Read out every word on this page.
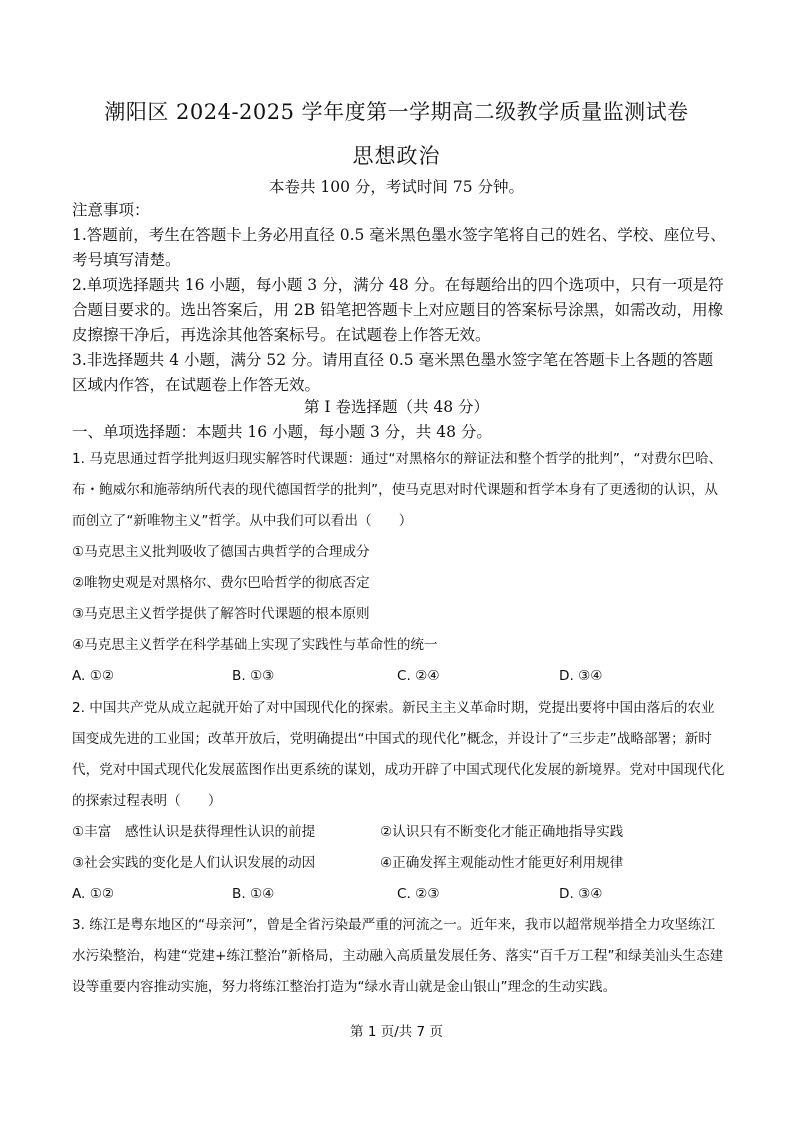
潮阳区 2024-2025 学年度第一学期高二级教学质量监测试卷
思想政治
本卷共 100 分，考试时间 75 分钟。

注意事项：

1.答题前，考生在答题卡上务必用直径 0.5 毫米黑色墨水签字笔将自己的姓名、学校、座位号、考号填写清楚。

2.单项选择题共 16 小题，每小题 3 分，满分 48 分。在每题给出的四个选项中，只有一项是符合题目要求的。选出答案后，用 2B 铅笔把答题卡上对应题目的答案标号涂黑，如需改动，用橡皮擦擦干净后，再选涂其他答案标号。在试题卷上作答无效。

3.非选择题共 4 小题，满分 52 分。请用直径 0.5 毫米黑色墨水签字笔在答题卡上各题的答题区域内作答，在试题卷上作答无效。

第 I 卷选择题（共 48 分）
一、单项选择题：本题共 16 小题，每小题 3 分，共 48 分。

1. 马克思通过哲学批判返归现实解答时代课题：通过“对黑格尔的辩证法和整个哲学的批判”，“对费尔巴哈、布・鲍威尔和施蒂纳所代表的现代德国哲学的批判”，使马克思对时代课题和哲学本身有了更透彻的认识，从而创立了“新唯物主义”哲学。从中我们可以看出（　　）

①马克思主义批判吸收了德国古典哲学的合理成分

②唯物史观是对黑格尔、费尔巴哈哲学的彻底否定

③马克思主义哲学提供了解答时代课题的根本原则

④马克思主义哲学在科学基础上实现了实践性与革命性的统一

A. ①②	B. ①③	C. ②④	D. ③④

2. 中国共产党从成立起就开始了对中国现代化的探索。新民主主义革命时期，党提出要将中国由落后的农业国变成先进的工业国；改革开放后，党明确提出“中国式的现代化”概念，并设计了“三步走”战略部署；新时代，党对中国式现代化发展蓝图作出更系统的谋划，成功开辟了中国式现代化发展的新境界。党对中国现代化的探索过程表明（　　）

①丰富　感性认识是获得理性认识的前提	②认识只有不断变化才能正确地指导实践
③社会实践的变化是人们认识发展的动因	④正确发挥主观能动性才能更好利用规律
A. ①②	B. ①④	C. ②③	D. ③④

3. 练江是粤东地区的“母亲河”，曾是全省污染最严重的河流之一。近年来，我市以超常规举措全力攻坚练江水污染整治，构建“党建+练江整治”新格局，主动融入高质量发展任务、落实“百千万工程”和绿美汕头生态建设等重要内容推动实施，努力将练江整治打造为“绿水青山就是金山银山”理念的生动实践。

第 1 页/共 7 页
